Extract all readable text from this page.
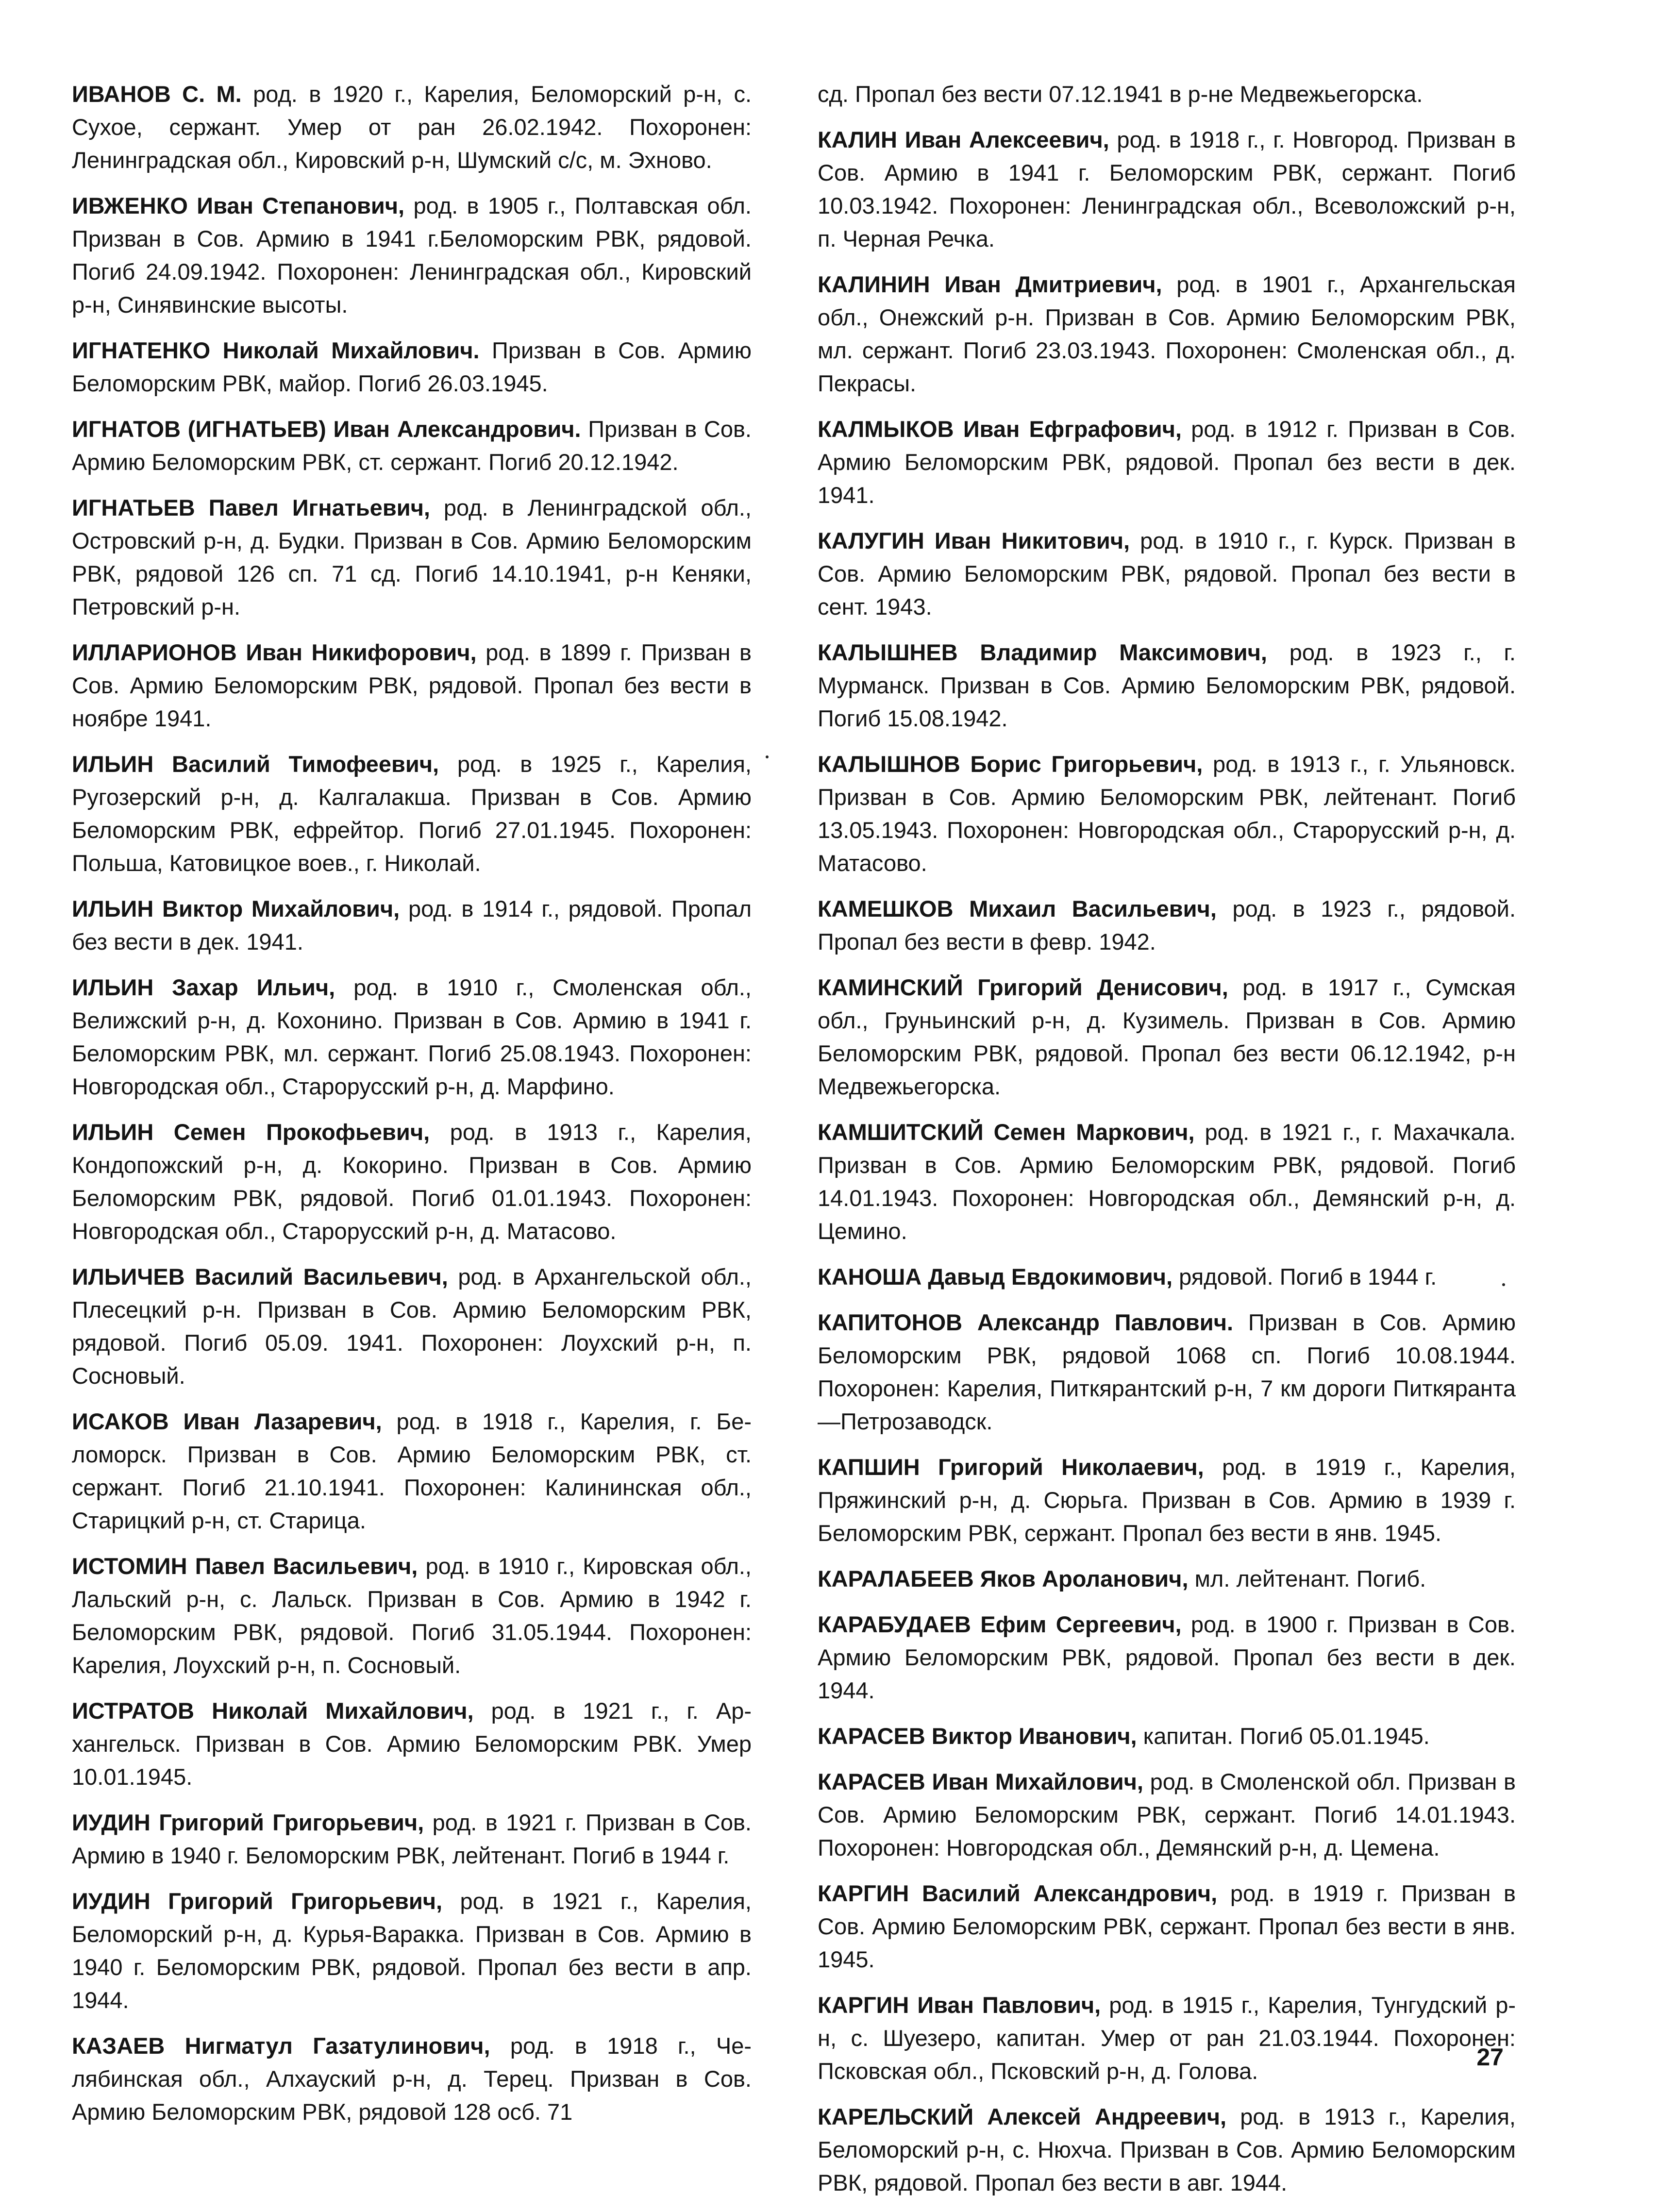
ИВАНОВ С. М. род. в 1920 г., Карелия, Беломорский р-н, с. Сухое, сержант. Умер от ран 26.02.1942. Похоронен: Ленинградская обл., Кировский р-н, Шумский с/с, м. Эхново.

ИВЖЕНКО Иван Степанович, род. в 1905 г., Полтавская обл. Призван в Сов. Армию в 1941 г.Беломорским РВК, рядовой. Погиб 24.09.1942. Похоронен: Ленинградская обл., Кировский р-н, Синявинские высоты.

ИГНАТЕНКО Николай Михайлович. Призван в Сов. Армию Беломорским РВК, майор. Погиб 26.03.1945.

ИГНАТОВ (ИГНАТЬЕВ) Иван Александрович. Призван в Сов. Армию Беломорским РВК, ст. сержант. Погиб 20.12.1942.

ИГНАТЬЕВ Павел Игнатьевич, род. в Ленинградской обл., Островский р-н, д. Будки. Призван в Сов. Армию Беломорским РВК, рядовой 126 сп. 71 сд. Погиб 14.10.1941, р-н Кеняки, Петровский р-н.

ИЛЛАРИОНОВ Иван Никифорович, род. в 1899 г. Призван в Сов. Армию Беломорским РВК, рядовой. Пропал без вести в ноябре 1941.

ИЛЬИН Василий Тимофеевич, род. в 1925 г., Карелия, Ругозерский р-н, д. Калгалакша. Призван в Сов. Армию Беломорским РВК, ефрейтор. Погиб 27.01.1945. Похоронен: Польша, Катовицкое воев., г. Николай.

ИЛЬИН Виктор Михайлович, род. в 1914 г., рядовой. Пропал без вести в дек. 1941.

ИЛЬИН Захар Ильич, род. в 1910 г., Смоленская обл., Велижский р-н, д. Кохонино. Призван в Сов. Армию в 1941 г. Беломорским РВК, мл. сержант. Погиб 25.08.1943. Похоронен: Новгородская обл., Старорусский р-н, д. Марфино.

ИЛЬИН Семен Прокофьевич, род. в 1913 г., Карелия, Кондопожский р-н, д. Кокорино. Призван в Сов. Армию Беломорским РВК, рядовой. Погиб 01.01.1943. Похоронен: Новгородская обл., Старорусский р-н, д. Матасово.

ИЛЬИЧЕВ Василий Васильевич, род. в Архангельской обл., Плесецкий р-н. Призван в Сов. Армию Беломорским РВК, рядовой. Погиб 05.09. 1941. Похоронен: Лоухский р-н, п. Сосновый.

ИСАКОВ Иван Лазаревич, род. в 1918 г., Карелия, г. Беломорск. Призван в Сов. Армию Беломорским РВК, ст. сержант. Погиб 21.10.1941. Похоронен: Калининская обл., Старицкий р-н, ст. Старица.

ИСТОМИН Павел Васильевич, род. в 1910 г., Кировская обл., Лальский р-н, с. Лальск. Призван в Сов. Армию в 1942 г. Беломорским РВК, рядовой. Погиб 31.05.1944. Похоронен: Карелия, Лоухский р-н, п. Сосновый.

ИСТРАТОВ Николай Михайлович, род. в 1921 г., г. Архангельск. Призван в Сов. Армию Беломорским РВК. Умер 10.01.1945.

ИУДИН Григорий Григорьевич, род. в 1921 г. Призван в Сов. Армию в 1940 г. Беломорским РВК, лейтенант. Погиб в 1944 г.

ИУДИН Григорий Григорьевич, род. в 1921 г., Карелия, Беломорский р-н, д. Курья-Варакка. Призван в Сов. Армию в 1940 г. Беломорским РВК, рядовой. Пропал без вести в апр. 1944.

КАЗАЕВ Нигматул Газатулинович, род. в 1918 г., Челябинская обл., Алхауский р-н, д. Терец. Призван в Сов. Армию Беломорским РВК, рядовой 128 осб. 71

сд. Пропал без вести 07.12.1941 в р-не Медвежьегорска.

КАЛИН Иван Алексеевич, род. в 1918 г., г. Новгород. Призван в Сов. Армию в 1941 г. Беломорским РВК, сержант. Погиб 10.03.1942. Похоронен: Ленинградская обл., Всеволожский р-н, п. Черная Речка.

КАЛИНИН Иван Дмитриевич, род. в 1901 г., Архангельская обл., Онежский р-н. Призван в Сов. Армию Беломорским РВК, мл. сержант. Погиб 23.03.1943. Похоронен: Смоленская обл., д. Пекрасы.

КАЛМЫКОВ Иван Ефграфович, род. в 1912 г. Призван в Сов. Армию Беломорским РВК, рядовой. Пропал без вести в дек. 1941.

КАЛУГИН Иван Никитович, род. в 1910 г., г. Курск. Призван в Сов. Армию Беломорским РВК, рядовой. Пропал без вести в сент. 1943.

КАЛЫШНЕВ Владимир Максимович, род. в 1923 г., г. Мурманск. Призван в Сов. Армию Беломорским РВК, рядовой. Погиб 15.08.1942.

КАЛЫШНОВ Борис Григорьевич, род. в 1913 г., г. Ульяновск. Призван в Сов. Армию Беломорским РВК, лейтенант. Погиб 13.05.1943. Похоронен: Новгородская обл., Старорусский р-н, д. Матасово.

КАМЕШКОВ Михаил Васильевич, род. в 1923 г., рядовой. Пропал без вести в февр. 1942.

КАМИНСКИЙ Григорий Денисович, род. в 1917 г., Сумская обл., Груньинский р-н, д. Кузимель. Призван в Сов. Армию Беломорским РВК, рядовой. Пропал без вести 06.12.1942, р-н Медвежьегорска.

КАМШИТСКИЙ Семен Маркович, род. в 1921 г., г. Махачкала. Призван в Сов. Армию Беломорским РВК, рядовой. Погиб 14.01.1943. Похоронен: Новгородская обл., Демянский р-н, д. Цемино.

КАНОША Давыд Евдокимович, рядовой. Погиб в 1944 г.

КАПИТОНОВ Александр Павлович. Призван в Сов. Армию Беломорским РВК, рядовой 1068 сп. Погиб 10.08.1944. Похоронен: Карелия, Питкярантский р-н, 7 км дороги Питкяранта—Петрозаводск.

КАПШИН Григорий Николаевич, род. в 1919 г., Карелия, Пряжинский р-н, д. Сюрьга. Призван в Сов. Армию в 1939 г. Беломорским РВК, сержант. Пропал без вести в янв. 1945.

КАРАЛАБЕЕВ Яков Ароланович, мл. лейтенант. Погиб.

КАРАБУДАЕВ Ефим Сергеевич, род. в 1900 г. Призван в Сов. Армию Беломорским РВК, рядовой. Пропал без вести в дек. 1944.

КАРАСЕВ Виктор Иванович, капитан. Погиб 05.01.1945.

КАРАСЕВ Иван Михайлович, род. в Смоленской обл. Призван в Сов. Армию Беломорским РВК, сержант. Погиб 14.01.1943. Похоронен: Новгородская обл., Демянский р-н, д. Цемена.

КАРГИН Василий Александрович, род. в 1919 г. Призван в Сов. Армию Беломорским РВК, сержант. Пропал без вести в янв. 1945.

КАРГИН Иван Павлович, род. в 1915 г., Карелия, Тунгудский р-н, с. Шуезеро, капитан. Умер от ран 21.03.1944. Похоронен: Псковская обл., Псковский р-н, д. Голова.

КАРЕЛЬСКИЙ Алексей Андреевич, род. в 1913 г., Карелия, Беломорский р-н, с. Нюхча. Призван в Сов. Армию Беломорским РВК, рядовой. Пропал без вести в авг. 1944.

27
